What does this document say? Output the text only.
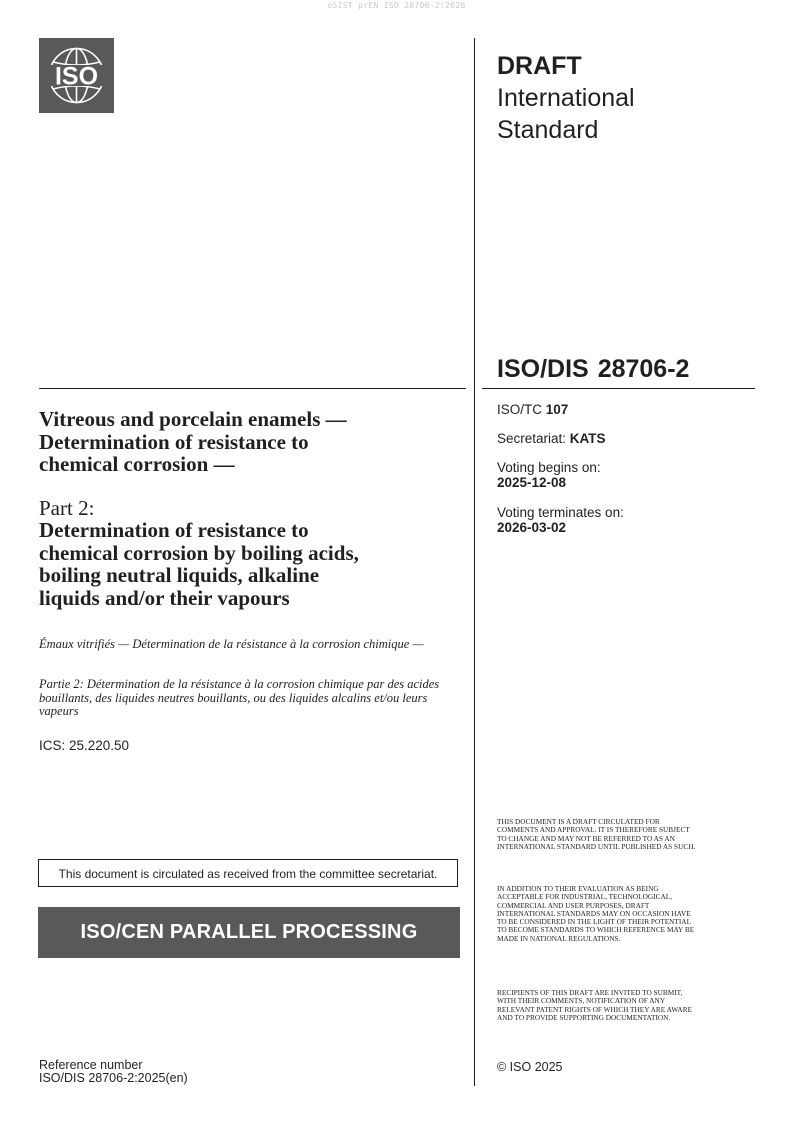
oSIST prEN ISO 28706-2:2026
ISO	DRAFT
International
Standard
ISO/DIS 28706-2
ISO/TC 107
Secretariat: KATS
Voting begins on:
2025-12-08
Voting terminates on:
2026-03-02
Vitreous and porcelain enamels —
Determination of resistance to
chemical corrosion —
Part 2:
Determination of resistance to
chemical corrosion by boiling acids,
boiling neutral liquids, alkaline
liquids and/or their vapours
Émaux vitrifiés — Détermination de la résistance à la corrosion chimique —
Partie 2: Détermination de la résistance à la corrosion chimique par des acides bouillants, des liquides neutres bouillants, ou des liquides alcalins et/ou leurs vapeurs
ICS: 25.220.50
This document is circulated as received from the committee secretariat.
ISO/CEN PARALLEL PROCESSING
Reference number
ISO/DIS 28706-2:2025(en)
THIS DOCUMENT IS A DRAFT CIRCULATED FOR COMMENTS AND APPROVAL. IT IS THEREFORE SUBJECT TO CHANGE AND MAY NOT BE REFERRED TO AS AN INTERNATIONAL STANDARD UNTIL PUBLISHED AS SUCH.
IN ADDITION TO THEIR EVALUATION AS BEING ACCEPTABLE FOR INDUSTRIAL, TECHNOLOGICAL, COMMERCIAL AND USER PURPOSES, DRAFT INTERNATIONAL STANDARDS MAY ON OCCASION HAVE TO BE CONSIDERED IN THE LIGHT OF THEIR POTENTIAL TO BECOME STANDARDS TO WHICH REFERENCE MAY BE MADE IN NATIONAL REGULATIONS.
RECIPIENTS OF THIS DRAFT ARE INVITED TO SUBMIT, WITH THEIR COMMENTS, NOTIFICATION OF ANY RELEVANT PATENT RIGHTS OF WHICH THEY ARE AWARE AND TO PROVIDE SUPPORTING DOCUMENTATION.
© ISO 2025
